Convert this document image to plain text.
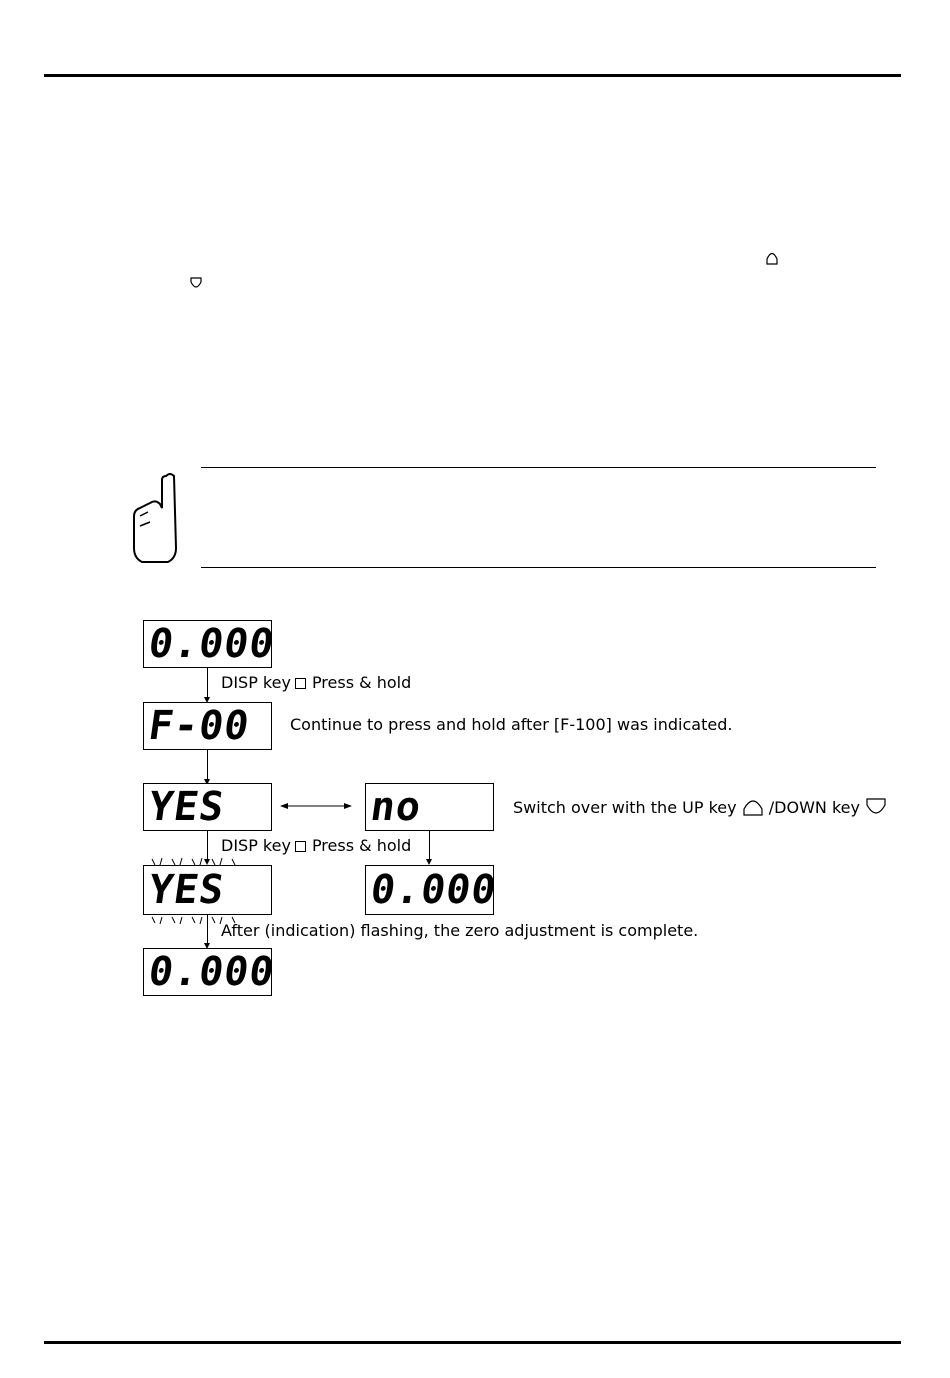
0.000
F-00
YES	no
YES	0.000
0.000
DISP key Press & hold
Continue to press and hold after [F-100] was indicated.
Switch over with the UP key /DOWN key
DISP key Press & hold
After (indication) flashing, the zero adjustment is complete.
